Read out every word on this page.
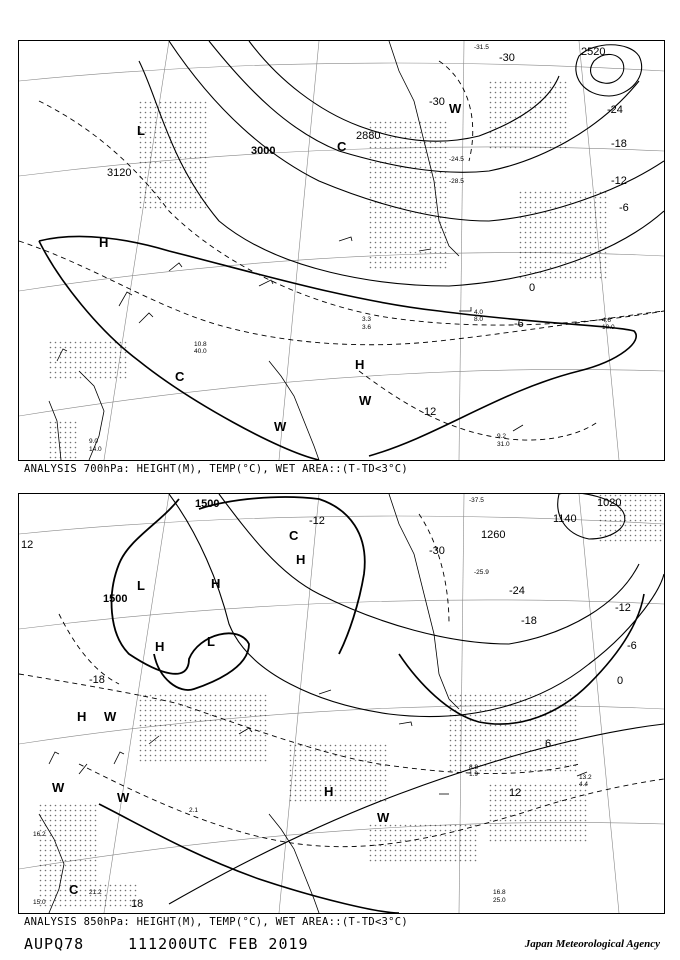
H
H
L
C
C
W
W
W
3000
3120
2520
2880
-30
-24
-18
-12
-6
0
-6
12
-30
-31.5
-24.5
-28.5
4.0
8.0	4.6
10.0
9.2
31.0
10.8
40.0
3.3
3.6
14.0
9.0
ANALYSIS 700hPa: HEIGHT(M), TEMP(°C), WET AREA::(T-TD<3°C)
L
L
H
H
H
H
H W
W
W
W
C
C
1500
1500
1140
1020
1260
-30
-24
-18
-12
-6
0
6
12
-18
-12
12
18
-37.5
-25.9
13.2
4.4
16.8
25.0
8.8
1.9
16.2
15.0
2.1
21.2
ANALYSIS 850hPa: HEIGHT(M), TEMP(°C), WET AREA::(T-TD<3°C)
AUPQ78	111200UTC FEB 2019	Japan Meteorological Agency
